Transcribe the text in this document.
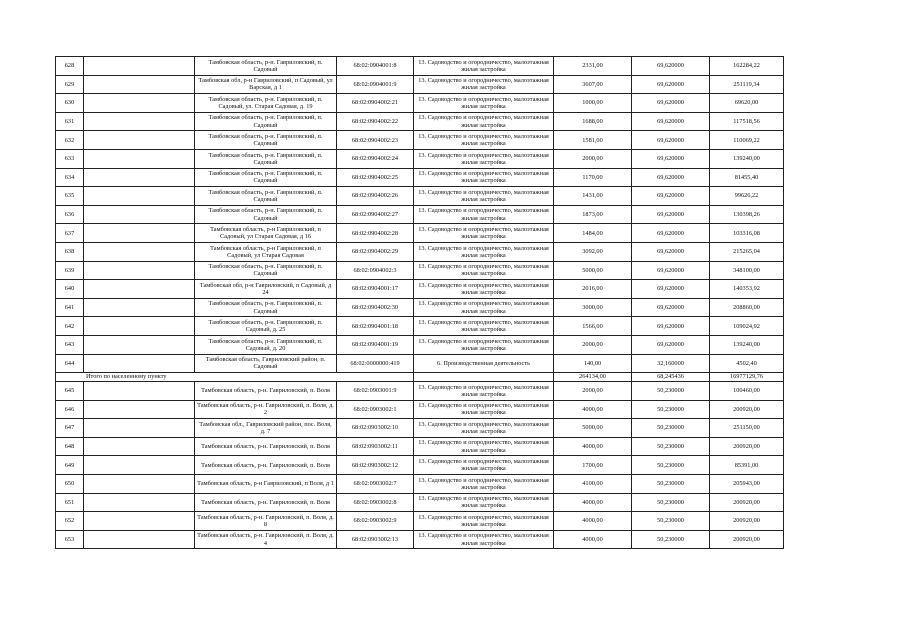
628		Тамбовская область, р-н. Гавриловский, п. Садовый	68:02:0904001:8	13. Садоводство и огородничество, малоэтажная жилая застройка	2331,00	69,620000	162284,22
629		Тамбовская обл, р-н Гавриловский, п Садовый, ул Варская, д 1	68:02:0904001:9	13. Садоводство и огородничество, малоэтажная жилая застройка	3607,00	69,620000	251119,34
630		Тамбовская область, р-н. Гавриловский, п. Садовый, ул. Старая Садовая, д. 19	68:02:0904002:21	13. Садоводство и огородничество, малоэтажная жилая застройка	1000,00	69,620000	69620,00
631		Тамбовская область, р-н. Гавриловский, п. Садовый	68:02:0904002:22	13. Садоводство и огородничество, малоэтажная жилая застройка	1688,00	69,620000	117518,56
632		Тамбовская область, р-н. Гавриловский, п. Садовый	68:02:0904002:23	13. Садоводство и огородничество, малоэтажная жилая застройка	1581,00	69,620000	110069,22
633		Тамбовская область, р-н. Гавриловский, п. Садовый	68:02:0904002:24	13. Садоводство и огородничество, малоэтажная жилая застройка	2000,00	69,620000	139240,00
634		Тамбовская область, р-н. Гавриловский, п. Садовый	68:02:0904002:25	13. Садоводство и огородничество, малоэтажная жилая застройка	1170,00	69,620000	81455,40
635		Тамбовская область, р-н. Гавриловский, п. Садовый	68:02:0904002:26	13. Садоводство и огородничество, малоэтажная жилая застройка	1431,00	69,620000	99626,22
636		Тамбовская область, р-н. Гавриловский, п. Садовый	68:02:0904002:27	13. Садоводство и огородничество, малоэтажная жилая застройка	1873,00	69,620000	130398,26
637		Тамбовская область, р-н Гавриловский, п Садовый, ул Старая Садовая, д 16	68:02:0904002:28	13. Садоводство и огородничество, малоэтажная жилая застройка	1484,00	69,620000	103316,08
638		Тамбовская область, р-н Гавриловский, п Садовый, ул Старая Садовая	68:02:0904002:29	13. Садоводство и огородничество, малоэтажная жилая застройка	3092,00	69,620000	215265,04
639		Тамбовская область, р-н. Гавриловский, п. Садовый	68:02:0904002:3	13. Садоводство и огородничество, малоэтажная жилая застройка	5000,00	69,620000	348100,00
640		Тамбовская обл, р-н Гавриловский, п Садовый, д 24	68:02:0904001:17	13. Садоводство и огородничество, малоэтажная жилая застройка	2016,00	69,620000	140353,92
641		Тамбовская область, р-н. Гавриловский, п. Садовый	68:02:0904002:30	13. Садоводство и огородничество, малоэтажная жилая застройка	3000,00	69,620000	208860,00
642		Тамбовская область, р-н. Гавриловский, п. Садовый, д. 25	68:02:0904001:18	13. Садоводство и огородничество, малоэтажная жилая застройка	1566,00	69,620000	109024,92
643		Тамбовская область, р-н. Гавриловский, п. Садовый, д. 20	68:02:0904001:19	13. Садоводство и огородничество, малоэтажная жилая застройка	2000,00	69,620000	139240,00
644		Тамбовская область, Гавриловский район, п. Садовый	68:02:0000000:419	6. Производственная деятельность	140,00	32,160000	4502,40
Итого по населенному пункту					264134,00	68,245436	16977129,76
645		Тамбовская область, р-н. Гавриловский, п. Воля	68:02:0903001:9	13. Садоводство и огородничество, малоэтажная жилая застройка	2000,00	50,230000	100460,00
646		Тамбовская область, р-н. Гавриловский, п. Воля, д. 2	68:02:0903002:1	13. Садоводство и огородничество, малоэтажная жилая застройка	4000,00	50,230000	200920,00
647		Тамбовская обл., Гавриловский район, пос. Воля, д. 7	68:02:0903002:10	13. Садоводство и огородничество, малоэтажная жилая застройка	5000,00	50,230000	251150,00
648		Тамбовская область, р-н. Гавриловский, п. Воля	68:02:0903002:11	13. Садоводство и огородничество, малоэтажная жилая застройка	4000,00	50,230000	200920,00
649		Тамбовская область, р-н. Гавриловский, п. Воля	68:02:0903002:12	13. Садоводство и огородничество, малоэтажная жилая застройка	1700,00	50,230000	85391,00
650		Тамбовская область, р-н Гавриловский, п Воля, д 1	68:02:0903002:7	13. Садоводство и огородничество, малоэтажная жилая застройка	4100,00	50,230000	205943,00
651		Тамбовская область, р-н. Гавриловский, п. Воля	68:02:0903002:8	13. Садоводство и огородничество, малоэтажная жилая застройка	4000,00	50,230000	200920,00
652		Тамбовская область, р-н. Гавриловский, п. Воля, д. 8	68:02:0903002:9	13. Садоводство и огородничество, малоэтажная жилая застройка	4000,00	50,230000	200920,00
653		Тамбовская область, р-н. Гавриловский, п. Воля, д. 4	68:02:0903002:13	13. Садоводство и огородничество, малоэтажная жилая застройка	4000,00	50,230000	200920,00
